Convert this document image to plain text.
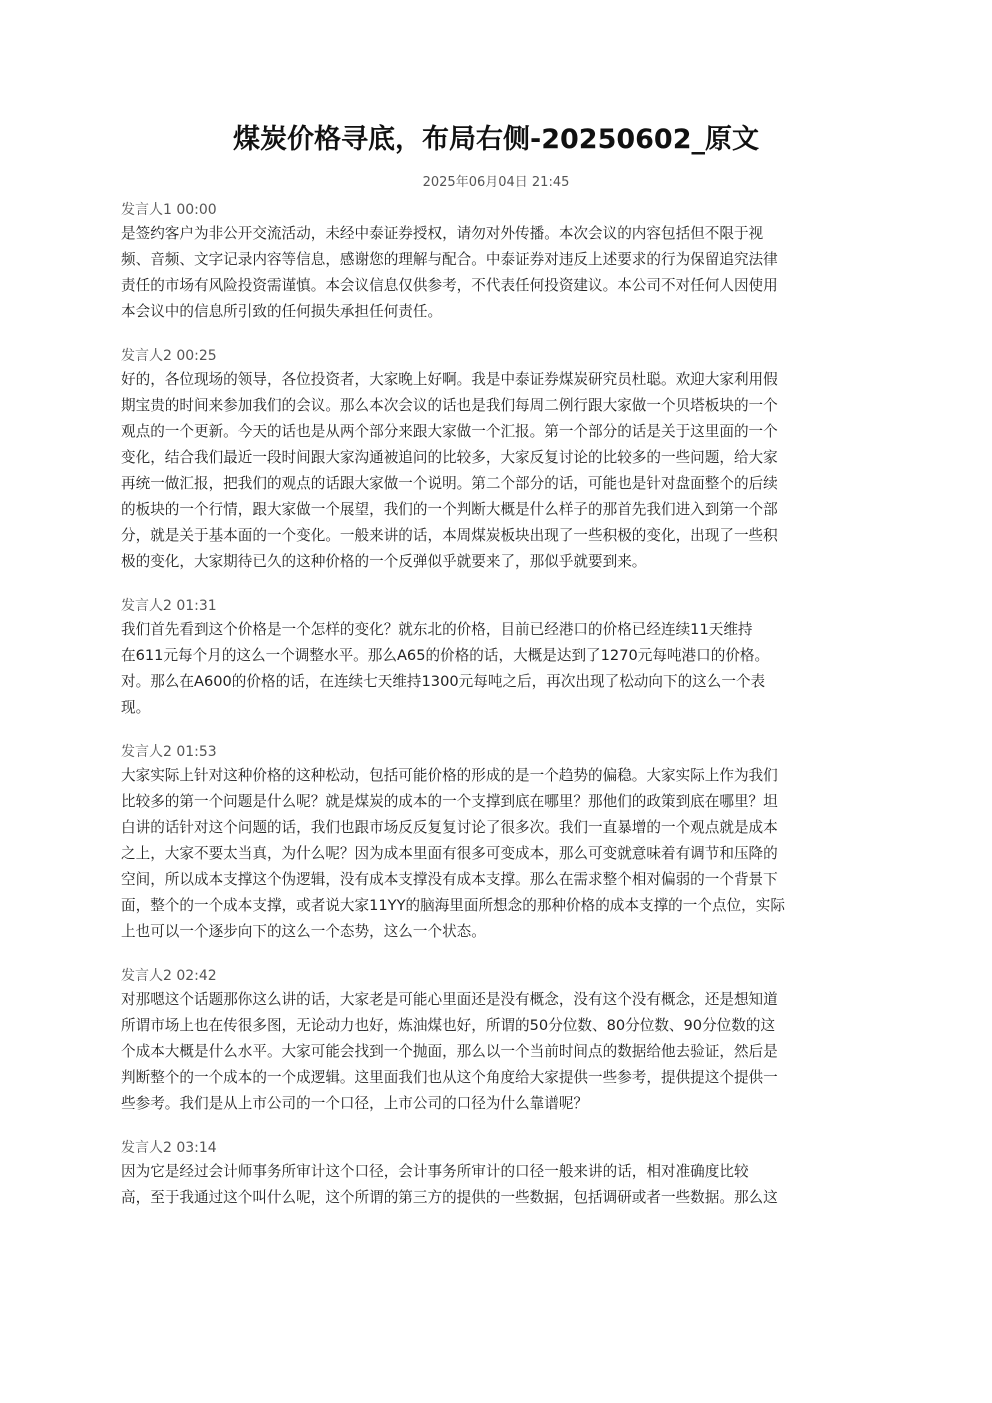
煤炭价格寻底，布局右侧-20250602_原文
2025年06月04日 21:45
发言人1 00:00

是签约客户为非公开交流活动，未经中泰证券授权，请勿对外传播。本次会议的内容包括但不限于视
频、音频、文字记录内容等信息，感谢您的理解与配合。中泰证券对违反上述要求的行为保留追究法律
责任的市场有风险投资需谨慎。本会议信息仅供参考，不代表任何投资建议。本公司不对任何人因使用
本会议中的信息所引致的任何损失承担任何责任。

发言人2 00:25

好的，各位现场的领导，各位投资者，大家晚上好啊。我是中泰证券煤炭研究员杜聪。欢迎大家利用假
期宝贵的时间来参加我们的会议。那么本次会议的话也是我们每周二例行跟大家做一个贝塔板块的一个
观点的一个更新。今天的话也是从两个部分来跟大家做一个汇报。第一个部分的话是关于这里面的一个
变化，结合我们最近一段时间跟大家沟通被追问的比较多，大家反复讨论的比较多的一些问题，给大家
再统一做汇报，把我们的观点的话跟大家做一个说明。第二个部分的话，可能也是针对盘面整个的后续
的板块的一个行情，跟大家做一个展望，我们的一个判断大概是什么样子的那首先我们进入到第一个部
分，就是关于基本面的一个变化。一般来讲的话，本周煤炭板块出现了一些积极的变化，出现了一些积
极的变化，大家期待已久的这种价格的一个反弹似乎就要来了，那似乎就要到来。

发言人2 01:31

我们首先看到这个价格是一个怎样的变化？就东北的价格，目前已经港口的价格已经连续11天维持
在611元每个月的这么一个调整水平。那么A65的价格的话，大概是达到了1270元每吨港口的价格。
对。那么在A600的价格的话，在连续七天维持1300元每吨之后，再次出现了松动向下的这么一个表
现。

发言人2 01:53

大家实际上针对这种价格的这种松动，包括可能价格的形成的是一个趋势的偏稳。大家实际上作为我们
比较多的第一个问题是什么呢？就是煤炭的成本的一个支撑到底在哪里？那他们的政策到底在哪里？坦
白讲的话针对这个问题的话，我们也跟市场反反复复讨论了很多次。我们一直暴增的一个观点就是成本
之上，大家不要太当真，为什么呢？因为成本里面有很多可变成本，那么可变就意味着有调节和压降的
空间，所以成本支撑这个伪逻辑，没有成本支撑没有成本支撑。那么在需求整个相对偏弱的一个背景下
面，整个的一个成本支撑，或者说大家11YY的脑海里面所想念的那种价格的成本支撑的一个点位，实际
上也可以一个逐步向下的这么一个态势，这么一个状态。

发言人2 02:42

对那嗯这个话题那你这么讲的话，大家老是可能心里面还是没有概念，没有这个没有概念，还是想知道
所谓市场上也在传很多图，无论动力也好，炼油煤也好，所谓的50分位数、80分位数、90分位数的这
个成本大概是什么水平。大家可能会找到一个抛面，那么以一个当前时间点的数据给他去验证，然后是
判断整个的一个成本的一个成逻辑。这里面我们也从这个角度给大家提供一些参考，提供提这个提供一
些参考。我们是从上市公司的一个口径，上市公司的口径为什么靠谱呢？

发言人2 03:14

因为它是经过会计师事务所审计这个口径，会计事务所审计的口径一般来讲的话，相对准确度比较
高，至于我通过这个叫什么呢，这个所谓的第三方的提供的一些数据，包括调研或者一些数据。那么这
